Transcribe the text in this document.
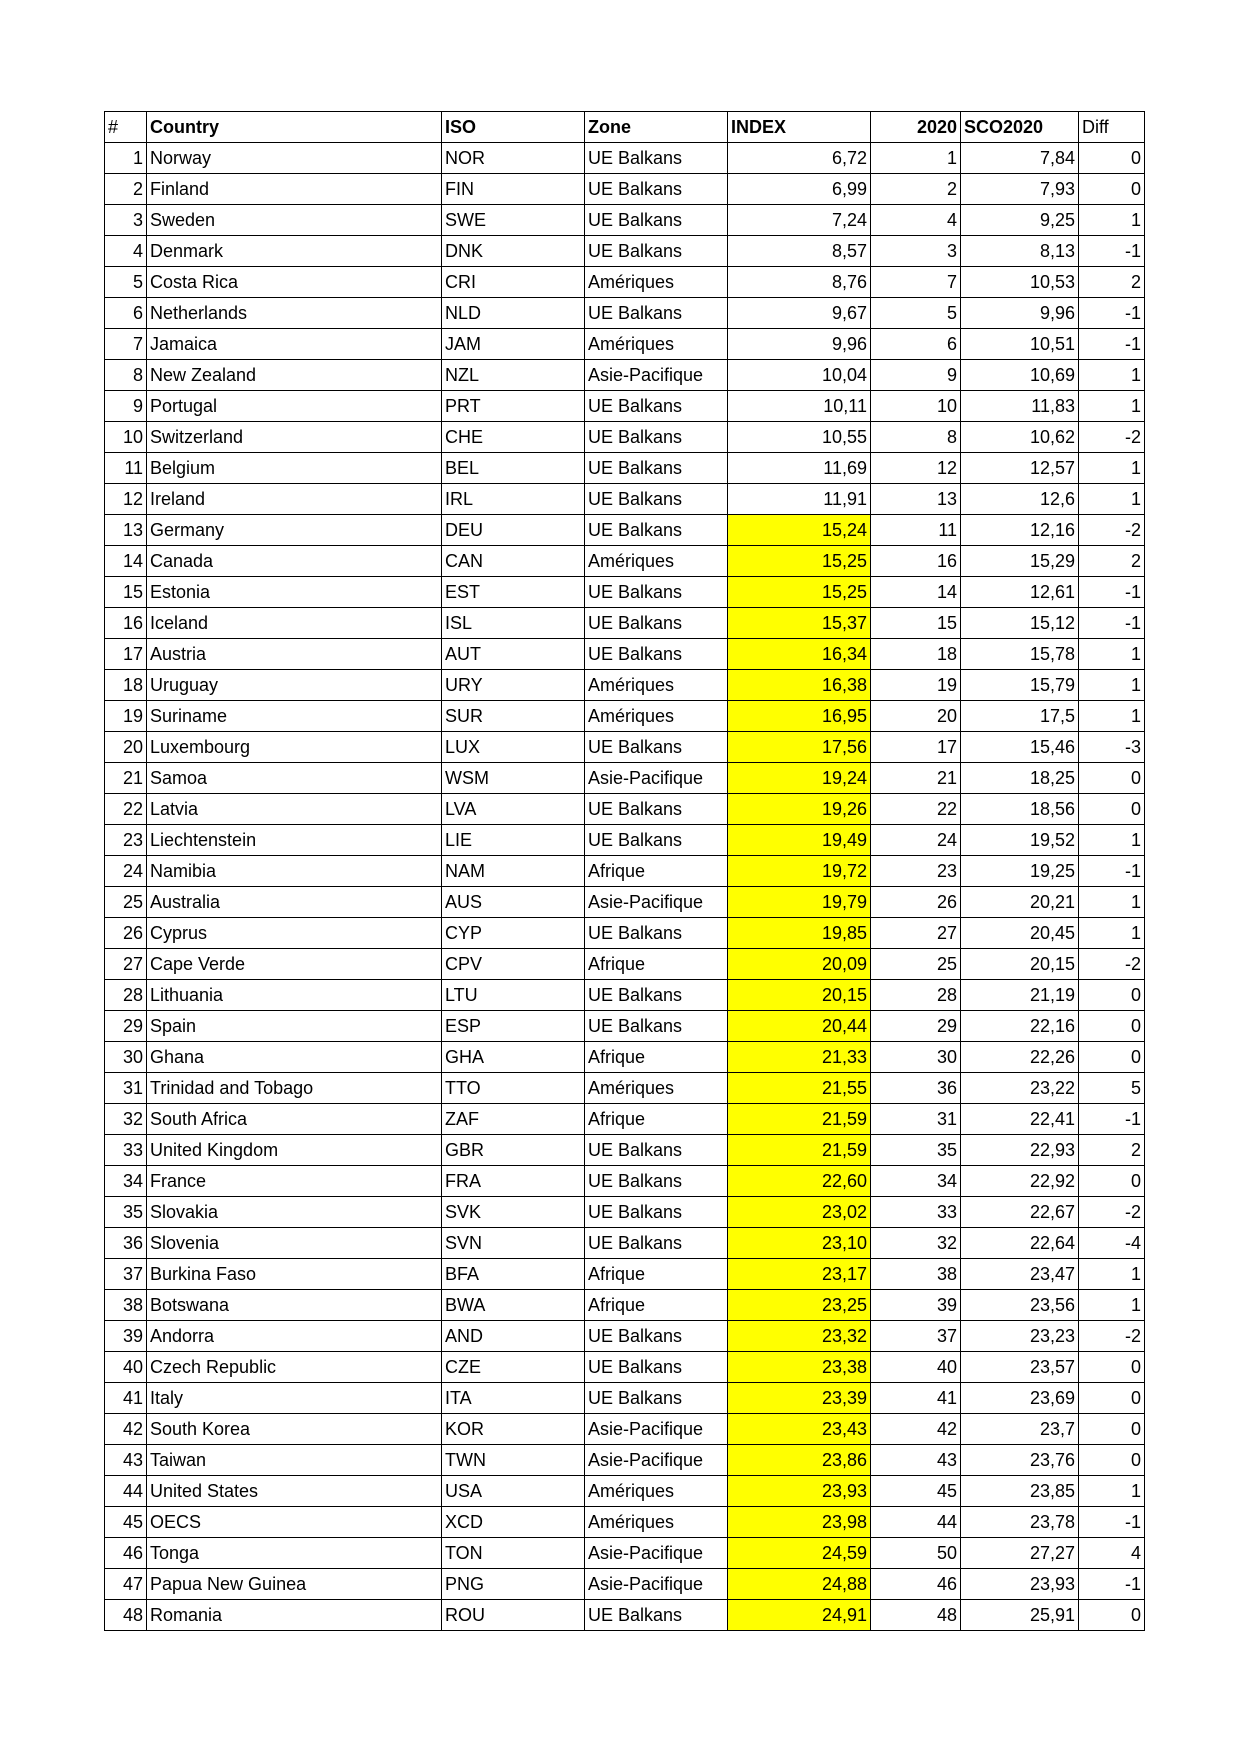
#	Country	ISO	Zone	INDEX	2020	SCO2020	Diff
1	Norway	NOR	UE Balkans	6,72	1	7,84	0
2	Finland	FIN	UE Balkans	6,99	2	7,93	0
3	Sweden	SWE	UE Balkans	7,24	4	9,25	1
4	Denmark	DNK	UE Balkans	8,57	3	8,13	-1
5	Costa Rica	CRI	Amériques	8,76	7	10,53	2
6	Netherlands	NLD	UE Balkans	9,67	5	9,96	-1
7	Jamaica	JAM	Amériques	9,96	6	10,51	-1
8	New Zealand	NZL	Asie-Pacifique	10,04	9	10,69	1
9	Portugal	PRT	UE Balkans	10,11	10	11,83	1
10	Switzerland	CHE	UE Balkans	10,55	8	10,62	-2
11	Belgium	BEL	UE Balkans	11,69	12	12,57	1
12	Ireland	IRL	UE Balkans	11,91	13	12,6	1
13	Germany	DEU	UE Balkans	15,24	11	12,16	-2
14	Canada	CAN	Amériques	15,25	16	15,29	2
15	Estonia	EST	UE Balkans	15,25	14	12,61	-1
16	Iceland	ISL	UE Balkans	15,37	15	15,12	-1
17	Austria	AUT	UE Balkans	16,34	18	15,78	1
18	Uruguay	URY	Amériques	16,38	19	15,79	1
19	Suriname	SUR	Amériques	16,95	20	17,5	1
20	Luxembourg	LUX	UE Balkans	17,56	17	15,46	-3
21	Samoa	WSM	Asie-Pacifique	19,24	21	18,25	0
22	Latvia	LVA	UE Balkans	19,26	22	18,56	0
23	Liechtenstein	LIE	UE Balkans	19,49	24	19,52	1
24	Namibia	NAM	Afrique	19,72	23	19,25	-1
25	Australia	AUS	Asie-Pacifique	19,79	26	20,21	1
26	Cyprus	CYP	UE Balkans	19,85	27	20,45	1
27	Cape Verde	CPV	Afrique	20,09	25	20,15	-2
28	Lithuania	LTU	UE Balkans	20,15	28	21,19	0
29	Spain	ESP	UE Balkans	20,44	29	22,16	0
30	Ghana	GHA	Afrique	21,33	30	22,26	0
31	Trinidad and Tobago	TTO	Amériques	21,55	36	23,22	5
32	South Africa	ZAF	Afrique	21,59	31	22,41	-1
33	United Kingdom	GBR	UE Balkans	21,59	35	22,93	2
34	France	FRA	UE Balkans	22,60	34	22,92	0
35	Slovakia	SVK	UE Balkans	23,02	33	22,67	-2
36	Slovenia	SVN	UE Balkans	23,10	32	22,64	-4
37	Burkina Faso	BFA	Afrique	23,17	38	23,47	1
38	Botswana	BWA	Afrique	23,25	39	23,56	1
39	Andorra	AND	UE Balkans	23,32	37	23,23	-2
40	Czech Republic	CZE	UE Balkans	23,38	40	23,57	0
41	Italy	ITA	UE Balkans	23,39	41	23,69	0
42	South Korea	KOR	Asie-Pacifique	23,43	42	23,7	0
43	Taiwan	TWN	Asie-Pacifique	23,86	43	23,76	0
44	United States	USA	Amériques	23,93	45	23,85	1
45	OECS	XCD	Amériques	23,98	44	23,78	-1
46	Tonga	TON	Asie-Pacifique	24,59	50	27,27	4
47	Papua New Guinea	PNG	Asie-Pacifique	24,88	46	23,93	-1
48	Romania	ROU	UE Balkans	24,91	48	25,91	0
